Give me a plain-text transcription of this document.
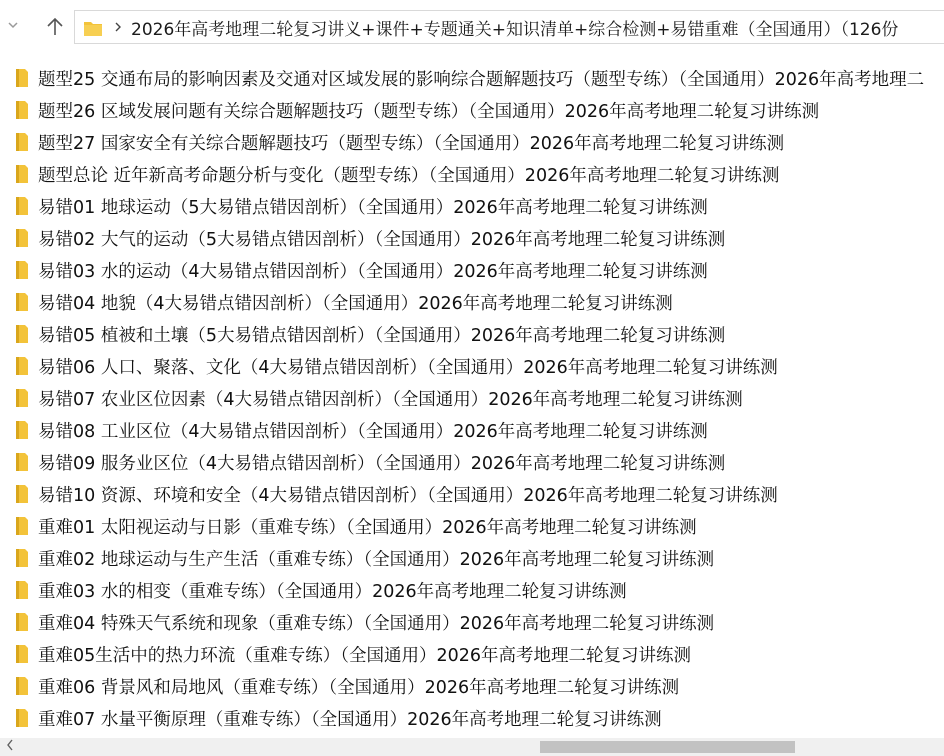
2026年高考地理二轮复习讲义+课件+专题通关+知识清单+综合检测+易错重难（全国通用）（126份
题型25 交通布局的影响因素及交通对区域发展的影响综合题解题技巧（题型专练）（全国通用）2026年高考地理二
题型26 区域发展问题有关综合题解题技巧（题型专练）（全国通用）2026年高考地理二轮复习讲练测
题型27 国家安全有关综合题解题技巧（题型专练）（全国通用）2026年高考地理二轮复习讲练测
题型总论 近年新高考命题分析与变化（题型专练）（全国通用）2026年高考地理二轮复习讲练测
易错01 地球运动（5大易错点错因剖析）（全国通用）2026年高考地理二轮复习讲练测
易错02 大气的运动（5大易错点错因剖析）（全国通用）2026年高考地理二轮复习讲练测
易错03 水的运动（4大易错点错因剖析）（全国通用）2026年高考地理二轮复习讲练测
易错04 地貌（4大易错点错因剖析）（全国通用）2026年高考地理二轮复习讲练测
易错05 植被和土壤（5大易错点错因剖析）（全国通用）2026年高考地理二轮复习讲练测
易错06 人口、聚落、文化（4大易错点错因剖析）（全国通用）2026年高考地理二轮复习讲练测
易错07 农业区位因素（4大易错点错因剖析）（全国通用）2026年高考地理二轮复习讲练测
易错08 工业区位（4大易错点错因剖析）（全国通用）2026年高考地理二轮复习讲练测
易错09 服务业区位（4大易错点错因剖析）（全国通用）2026年高考地理二轮复习讲练测
易错10 资源、环境和安全（4大易错点错因剖析）（全国通用）2026年高考地理二轮复习讲练测
重难01 太阳视运动与日影（重难专练）（全国通用）2026年高考地理二轮复习讲练测
重难02 地球运动与生产生活（重难专练）（全国通用）2026年高考地理二轮复习讲练测
重难03 水的相变（重难专练）（全国通用）2026年高考地理二轮复习讲练测
重难04 特殊天气系统和现象（重难专练）（全国通用）2026年高考地理二轮复习讲练测
重难05生活中的热力环流（重难专练）（全国通用）2026年高考地理二轮复习讲练测
重难06 背景风和局地风（重难专练）（全国通用）2026年高考地理二轮复习讲练测
重难07 水量平衡原理（重难专练）（全国通用）2026年高考地理二轮复习讲练测
